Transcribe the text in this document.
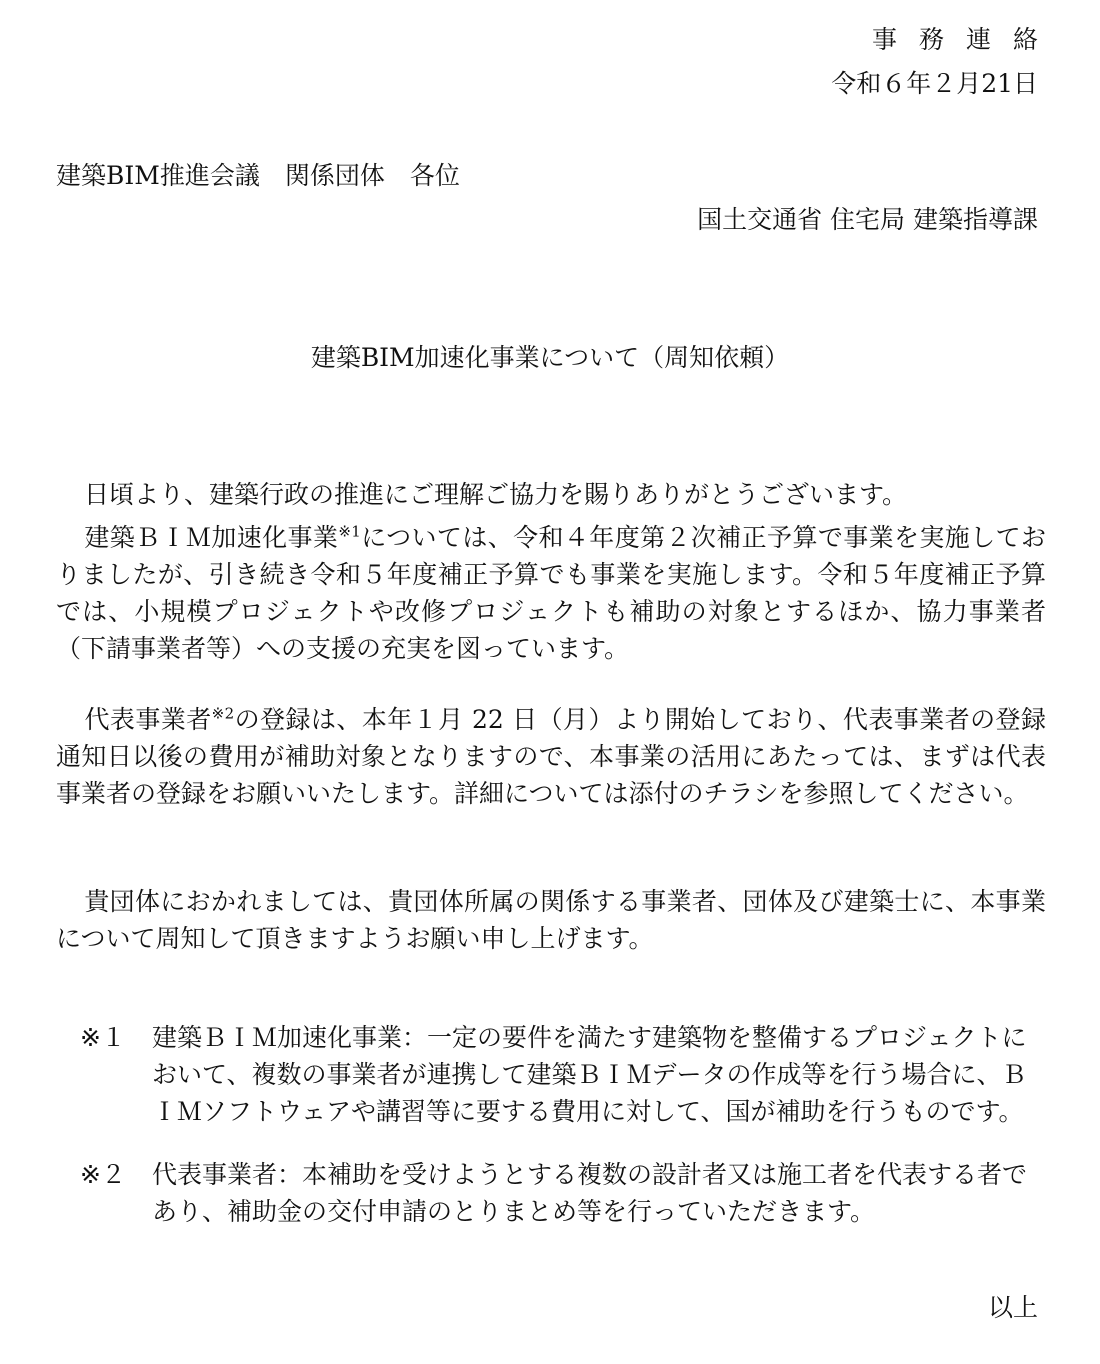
事務連絡
令和６年２月21日
建築BIM推進会議　関係団体　各位
国土交通省 住宅局 建築指導課
建築BIM加速化事業について（周知依頼）
日頃より、建築行政の推進にご理解ご協力を賜りありがとうございます。
建築ＢＩＭ加速化事業$^{※1}$については、令和４年度第２次補正予算で事業を実施しておりましたが、引き続き令和５年度補正予算でも事業を実施します。令和５年度補正予算では、小規模プロジェクトや改修プロジェクトも補助の対象とするほか、協力事業者（下請事業者等）への支援の充実を図っています。
代表事業者$^{※2}$の登録は、本年１月 22 日（月）より開始しており、代表事業者の登録通知日以後の費用が補助対象となりますので、本事業の活用にあたっては、まずは代表事業者の登録をお願いいたします。詳細については添付のチラシを参照してください。
貴団体におかれましては、貴団体所属の関係する事業者、団体及び建築士に、本事業について周知して頂きますようお願い申し上げます。
※１	建築ＢＩＭ加速化事業：一定の要件を満たす建築物を整備するプロジェクトにおいて、複数の事業者が連携して建築ＢＩＭデータの作成等を行う場合に、ＢＩＭソフトウェアや講習等に要する費用に対して、国が補助を行うものです。
※２	代表事業者：本補助を受けようとする複数の設計者又は施工者を代表する者であり、補助金の交付申請のとりまとめ等を行っていただきます。
以上
